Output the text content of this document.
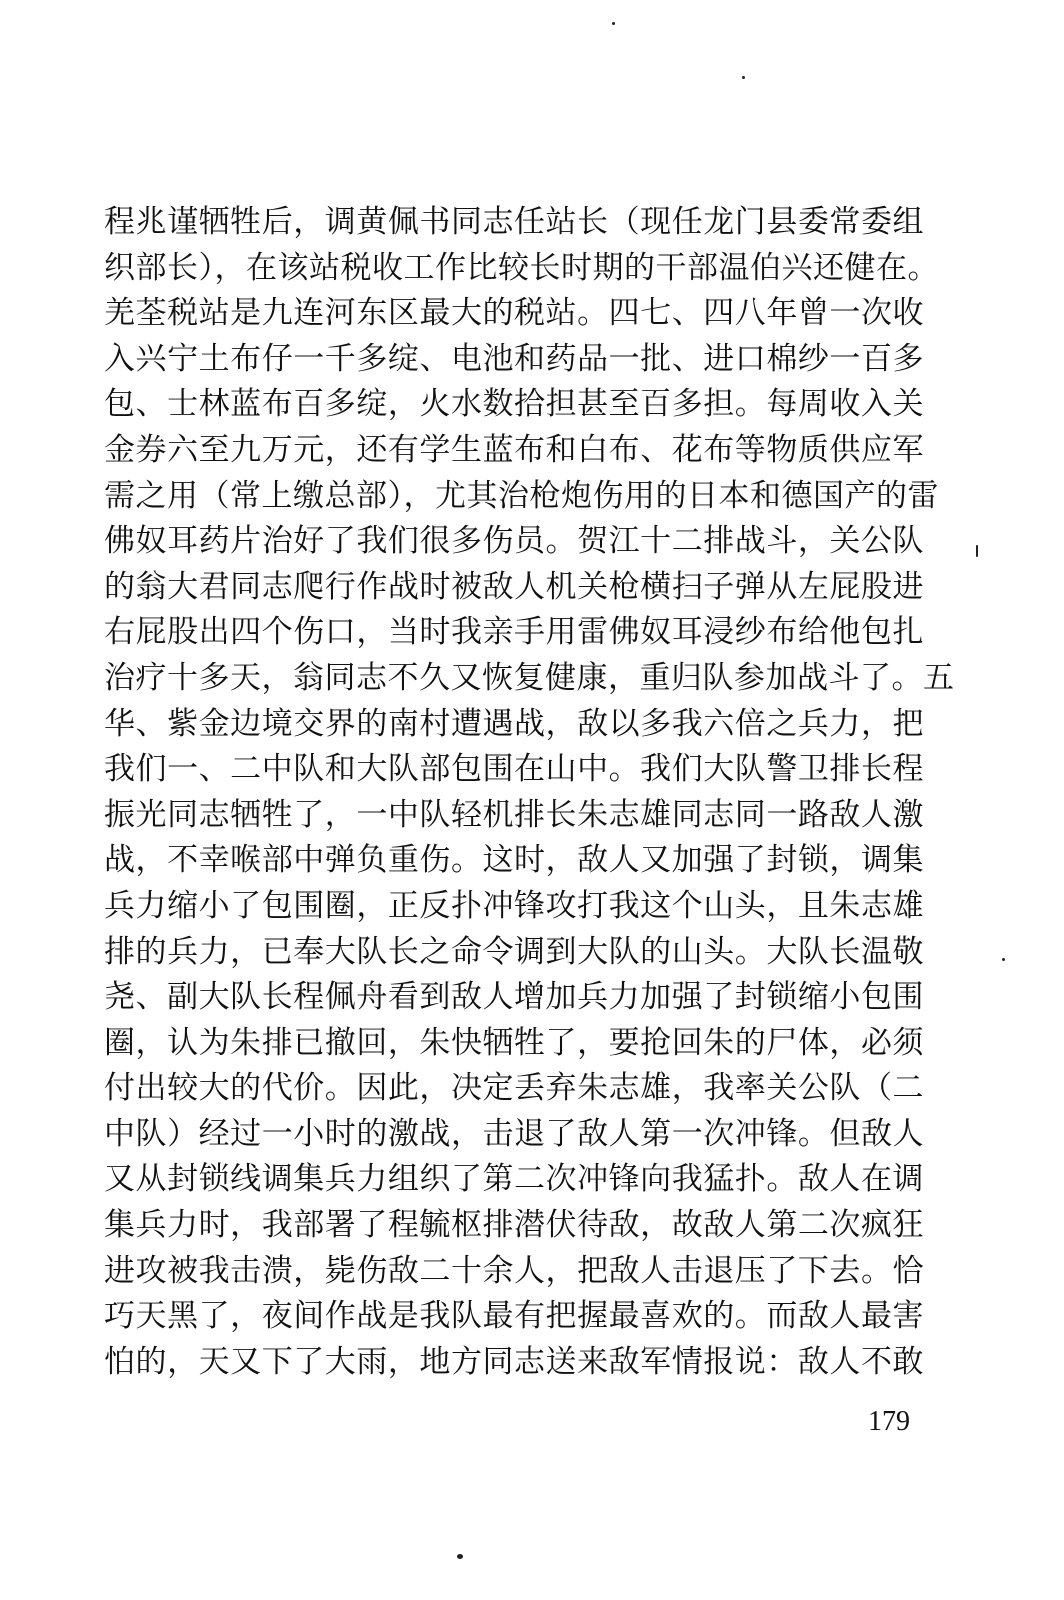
程兆谨牺牲后，调黄佩书同志任站长（现任龙门县委常委组
织部长），在该站税收工作比较长时期的干部温伯兴还健在。
羌荃税站是九连河东区最大的税站。四七、四八年曾一次收
入兴宁土布仔一千多绽、电池和药品一批、进口棉纱一百多
包、士林蓝布百多绽，火水数拾担甚至百多担。每周收入关
金券六至九万元，还有学生蓝布和白布、花布等物质供应军
需之用（常上缴总部），尤其治枪炮伤用的日本和德国产的雷
佛奴耳药片治好了我们很多伤员。贺江十二排战斗，关公队
的翁大君同志爬行作战时被敌人机关枪横扫子弹从左屁股进
右屁股出四个伤口，当时我亲手用雷佛奴耳浸纱布给他包扎
治疗十多天，翁同志不久又恢复健康，重归队参加战斗了。五
华、紫金边境交界的南村遭遇战，敌以多我六倍之兵力，把
我们一、二中队和大队部包围在山中。我们大队警卫排长程
振光同志牺牲了，一中队轻机排长朱志雄同志同一路敌人激
战，不幸喉部中弹负重伤。这时，敌人又加强了封锁，调集
兵力缩小了包围圈，正反扑冲锋攻打我这个山头，且朱志雄
排的兵力，已奉大队长之命令调到大队的山头。大队长温敬
尧、副大队长程佩舟看到敌人增加兵力加强了封锁缩小包围
圈，认为朱排已撤回，朱快牺牲了，要抢回朱的尸体，必须
付出较大的代价。因此，决定丢弃朱志雄，我率关公队（二
中队）经过一小时的激战，击退了敌人第一次冲锋。但敌人
又从封锁线调集兵力组织了第二次冲锋向我猛扑。敌人在调
集兵力时，我部署了程毓枢排潜伏待敌，故敌人第二次疯狂
进攻被我击溃，毙伤敌二十余人，把敌人击退压了下去。恰
巧天黑了，夜间作战是我队最有把握最喜欢的。而敌人最害
怕的，天又下了大雨，地方同志送来敌军情报说：敌人不敢
179
